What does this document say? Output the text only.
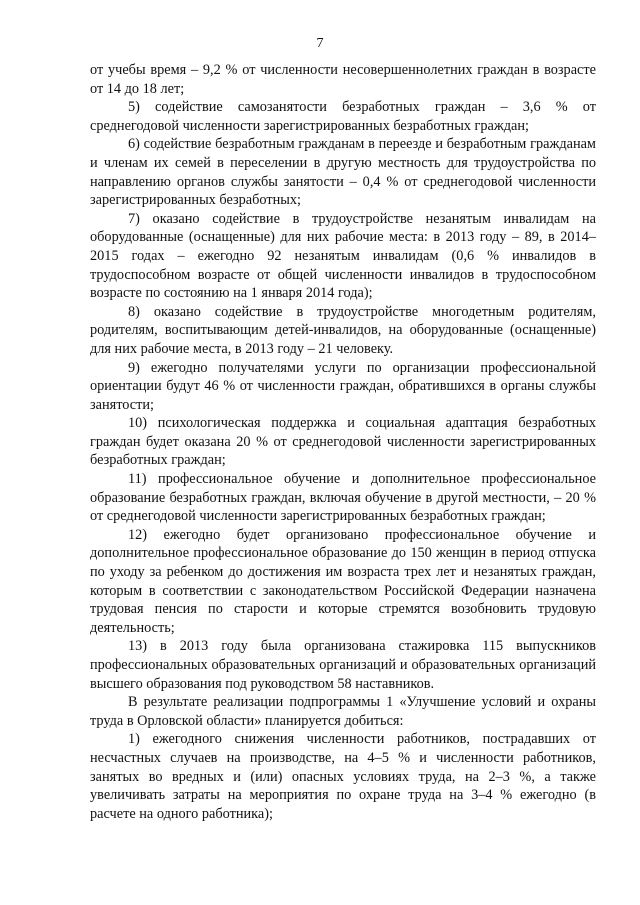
7

от учебы время – 9,2 % от численности несовершеннолетних граждан в возрасте от 14 до 18 лет;

5) содействие самозанятости безработных граждан – 3,6 % от среднегодовой численности зарегистрированных безработных граждан;

6) содействие безработным гражданам в переезде и безработным гражданам и членам их семей в переселении в другую местность для трудоустройства по направлению органов службы занятости – 0,4 % от среднегодовой численности зарегистрированных безработных;

7) оказано содействие в трудоустройстве незанятым инвалидам на оборудованные (оснащенные) для них рабочие места: в 2013 году – 89, в 2014–2015 годах – ежегодно 92 незанятым инвалидам (0,6 % инвалидов в трудоспособном возрасте от общей численности инвалидов в трудоспособном возрасте по состоянию на 1 января 2014 года);

8) оказано содействие в трудоустройстве многодетным родителям, родителям, воспитывающим детей-инвалидов, на оборудованные (оснащенные) для них рабочие места, в 2013 году – 21 человеку.

9) ежегодно получателями услуги по организации профессиональной ориентации будут 46 % от численности граждан, обратившихся в органы службы занятости;

10) психологическая поддержка и социальная адаптация безработных граждан будет оказана 20 % от среднегодовой численности зарегистрированных безработных граждан;

11) профессиональное обучение и дополнительное профессиональное образование безработных граждан, включая обучение в другой местности, – 20 % от среднегодовой численности зарегистрированных безработных граждан;

12) ежегодно будет организовано профессиональное обучение и дополнительное профессиональное образование до 150 женщин в период отпуска по уходу за ребенком до достижения им возраста трех лет и незанятых граждан, которым в соответствии с законодательством Российской Федерации назначена трудовая пенсия по старости и которые стремятся возобновить трудовую деятельность;

13) в 2013 году была организована стажировка 115 выпускников профессиональных образовательных организаций и образовательных организаций высшего образования под руководством 58 наставников.

В результате реализации подпрограммы 1 «Улучшение условий и охраны труда в Орловской области» планируется добиться:

1) ежегодного снижения численности работников, пострадавших от несчастных случаев на производстве, на 4–5 % и численности работников, занятых во вредных и (или) опасных условиях труда, на 2–3 %, а также увеличивать затраты на мероприятия по охране труда на 3–4 % ежегодно (в расчете на одного работника);
